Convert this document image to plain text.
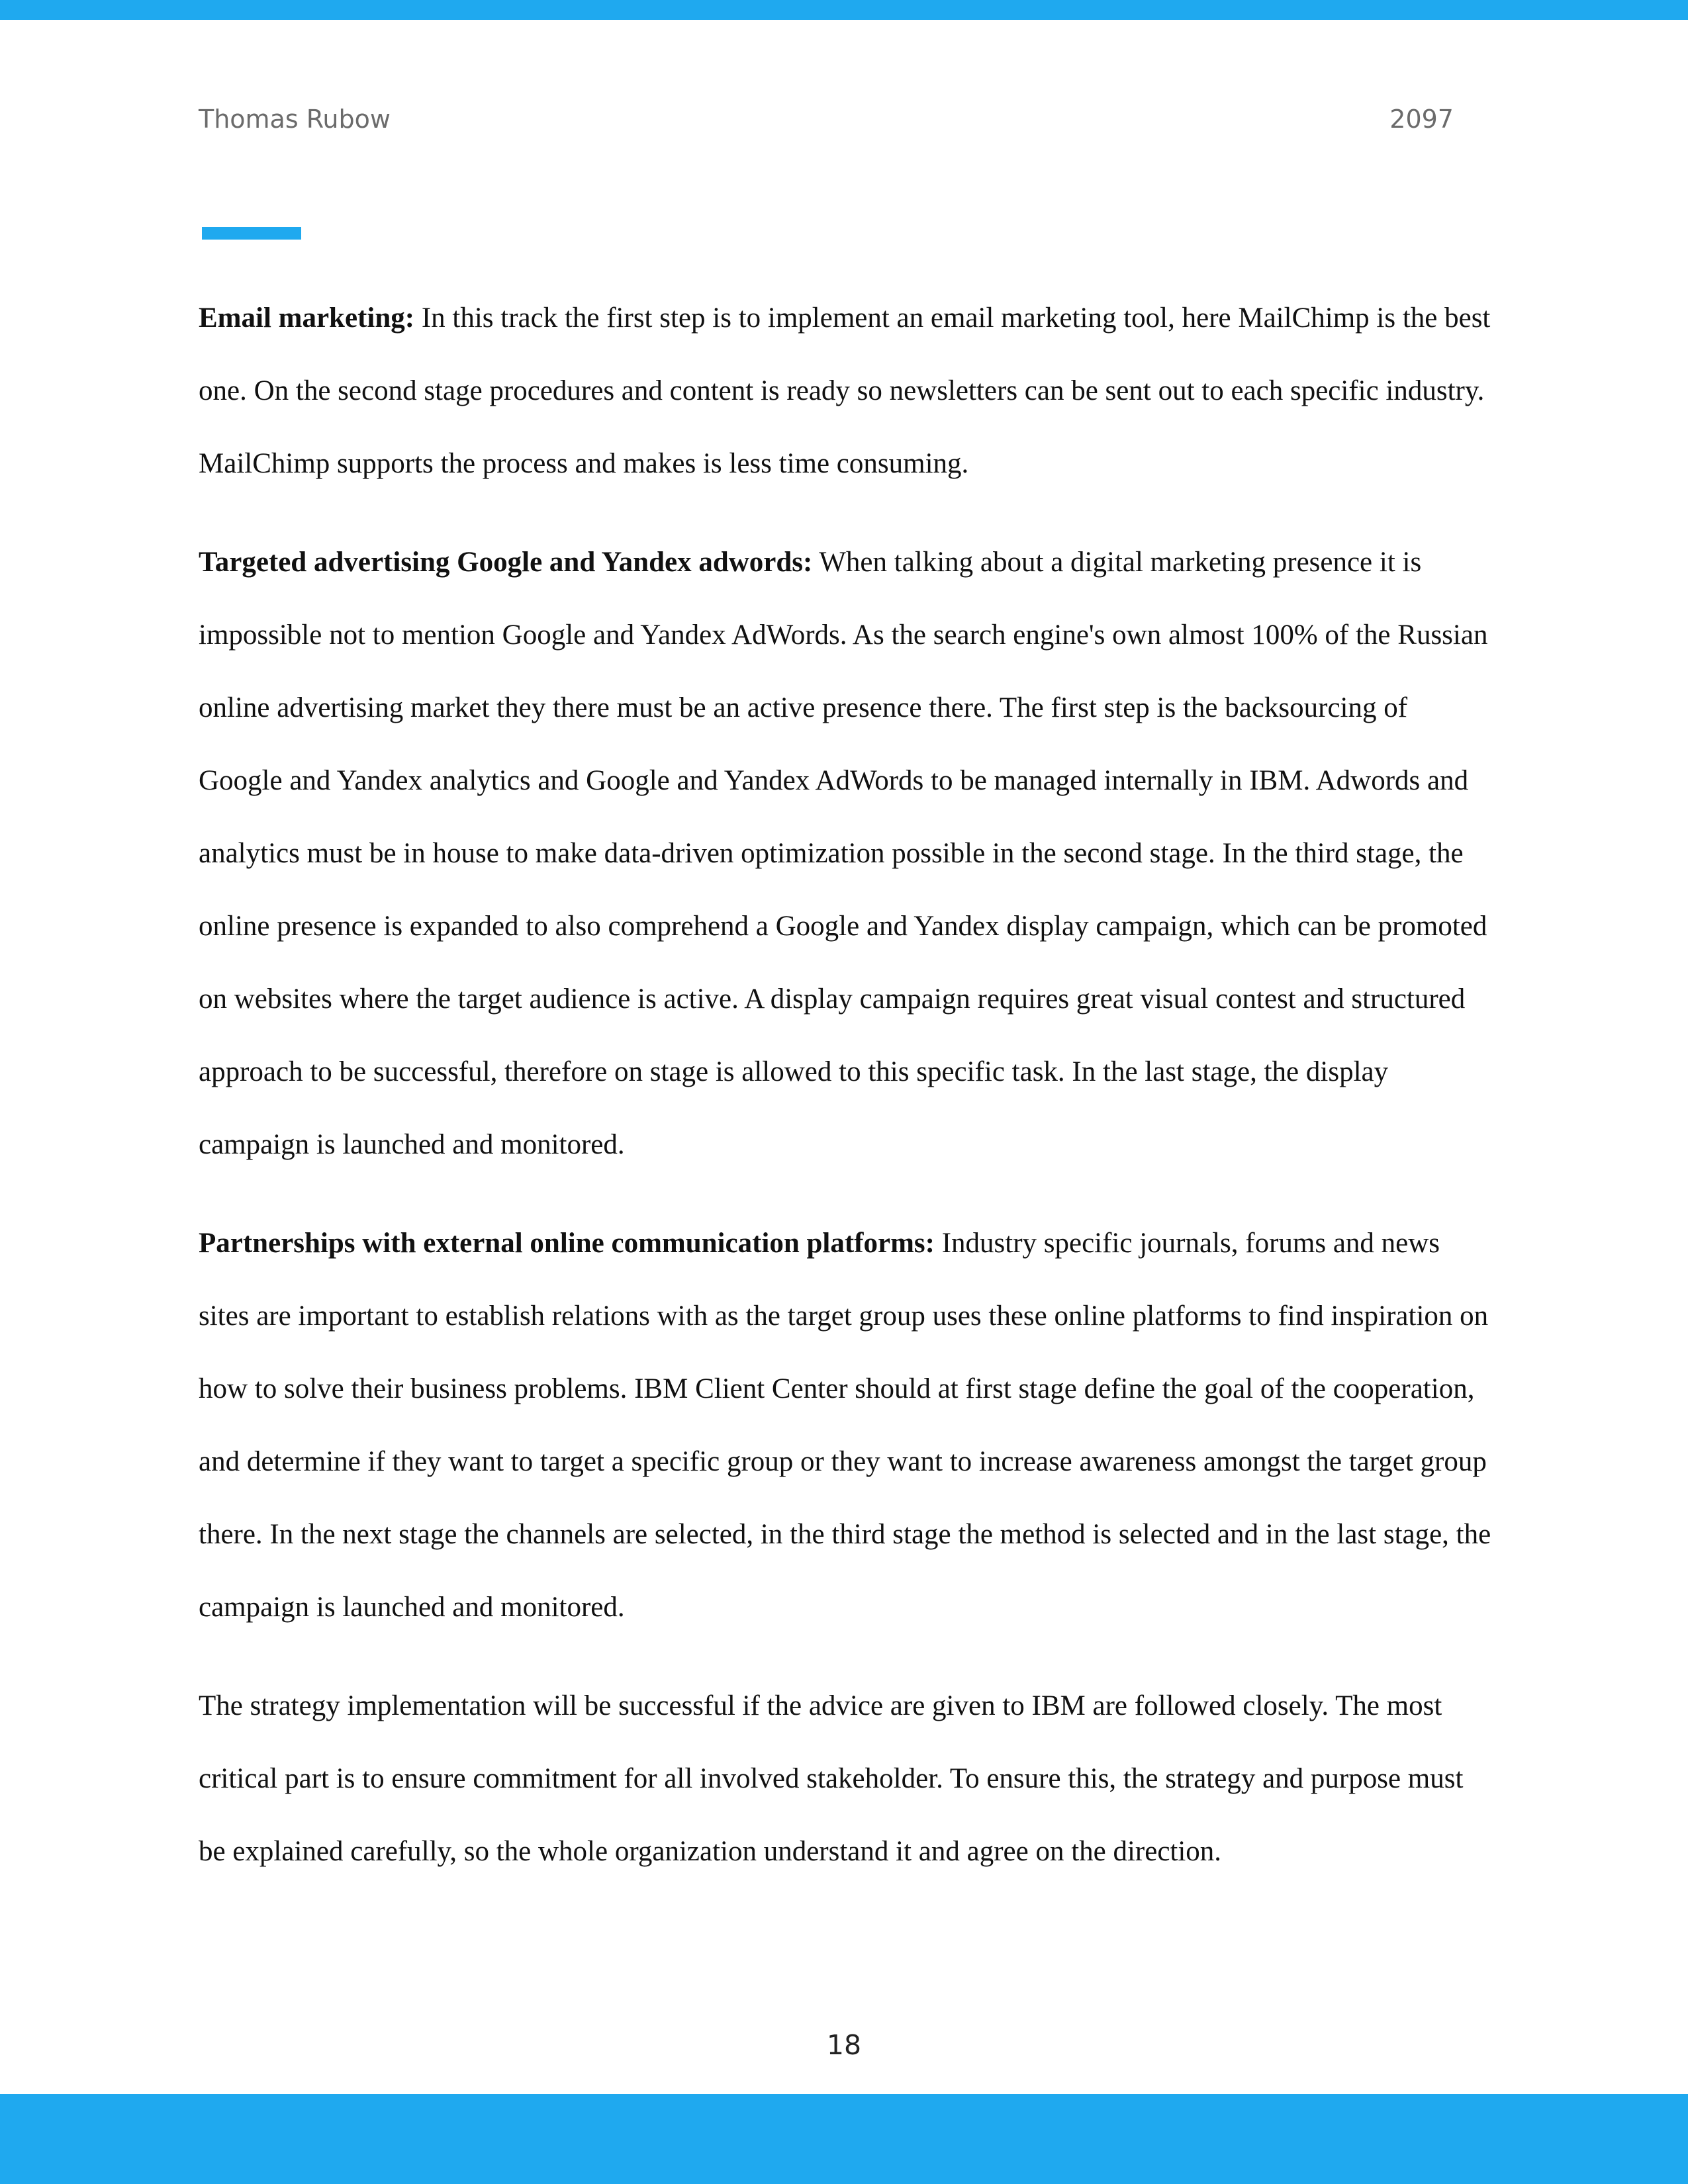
Thomas Rubow	2097

Email marketing: In this track the first step is to implement an email marketing tool, here MailChimp is the best one. On the second stage procedures and content is ready so newsletters can be sent out to each specific industry. MailChimp supports the process and makes is less time consuming.

Targeted advertising Google and Yandex adwords: When talking about a digital marketing presence it is impossible not to mention Google and Yandex AdWords. As the search engine's own almost 100% of the Russian online advertising market they there must be an active presence there. The first step is the backsourcing of Google and Yandex analytics and Google and Yandex AdWords to be managed internally in IBM. Adwords and analytics must be in house to make data-driven optimization possible in the second stage. In the third stage, the online presence is expanded to also comprehend a Google and Yandex display campaign, which can be promoted on websites where the target audience is active. A display campaign requires great visual contest and structured approach to be successful, therefore on stage is allowed to this specific task. In the last stage, the display campaign is launched and monitored.

Partnerships with external online communication platforms: Industry specific journals, forums and news sites are important to establish relations with as the target group uses these online platforms to find inspiration on how to solve their business problems. IBM Client Center should at first stage define the goal of the cooperation, and determine if they want to target a specific group or they want to increase awareness amongst the target group there. In the next stage the channels are selected, in the third stage the method is selected and in the last stage, the campaign is launched and monitored.

The strategy implementation will be successful if the advice are given to IBM are followed closely. The most critical part is to ensure commitment for all involved stakeholder. To ensure this, the strategy and purpose must be explained carefully, so the whole organization understand it and agree on the direction.

18
